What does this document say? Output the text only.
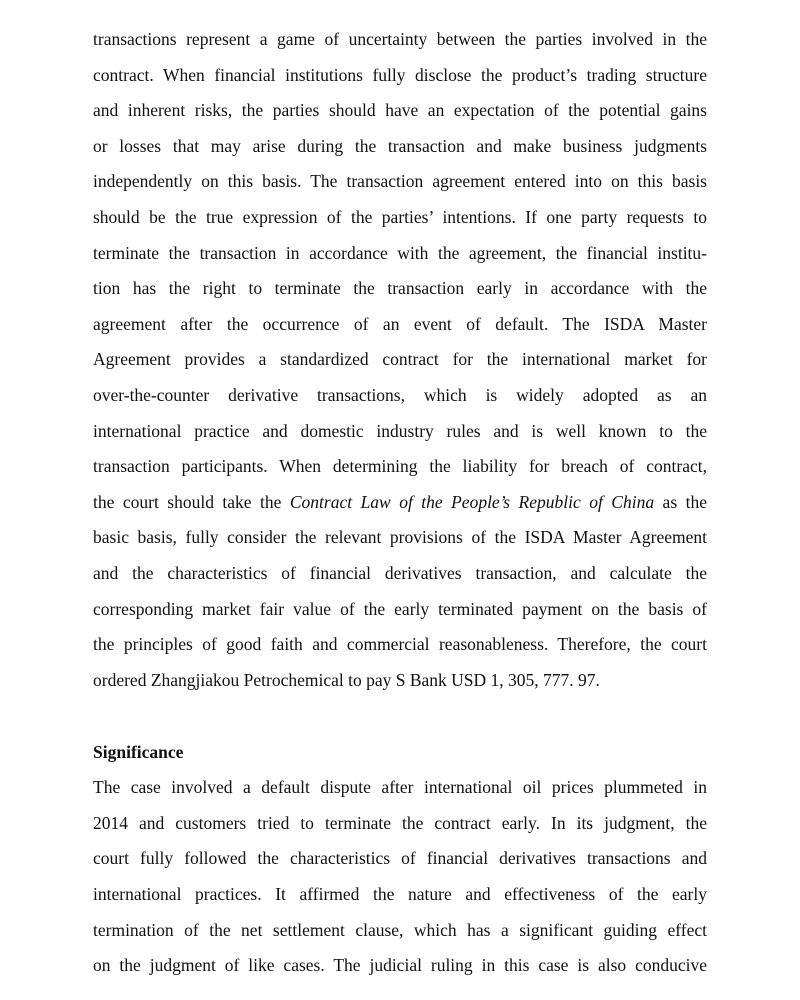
transactions represent a game of uncertainty between the parties involved in the
contract. When financial institutions fully disclose the product’s trading structure
and inherent risks, the parties should have an expectation of the potential gains
or losses that may arise during the transaction and make business judgments
independently on this basis. The transaction agreement entered into on this basis
should be the true expression of the parties’ intentions. If one party requests to
terminate the transaction in accordance with the agreement, the financial institu-
tion has the right to terminate the transaction early in accordance with the
agreement after the occurrence of an event of default. The ISDA Master
Agreement provides a standardized contract for the international market for
over-the-counter derivative transactions, which is widely adopted as an
international practice and domestic industry rules and is well known to the
transaction participants. When determining the liability for breach of contract,
the court should take the Contract Law of the People’s Republic of China as the
basic basis, fully consider the relevant provisions of the ISDA Master Agreement
and the characteristics of financial derivatives transaction, and calculate the
corresponding market fair value of the early terminated payment on the basis of
the principles of good faith and commercial reasonableness. Therefore, the court
ordered Zhangjiakou Petrochemical to pay S Bank USD 1, 305, 777. 97.
Significance
The case involved a default dispute after international oil prices plummeted in
2014 and customers tried to terminate the contract early. In its judgment, the
court fully followed the characteristics of financial derivatives transactions and
international practices. It affirmed the nature and effectiveness of the early
termination of the net settlement clause, which has a significant guiding effect
on the judgment of like cases. The judicial ruling in this case is also conducive
